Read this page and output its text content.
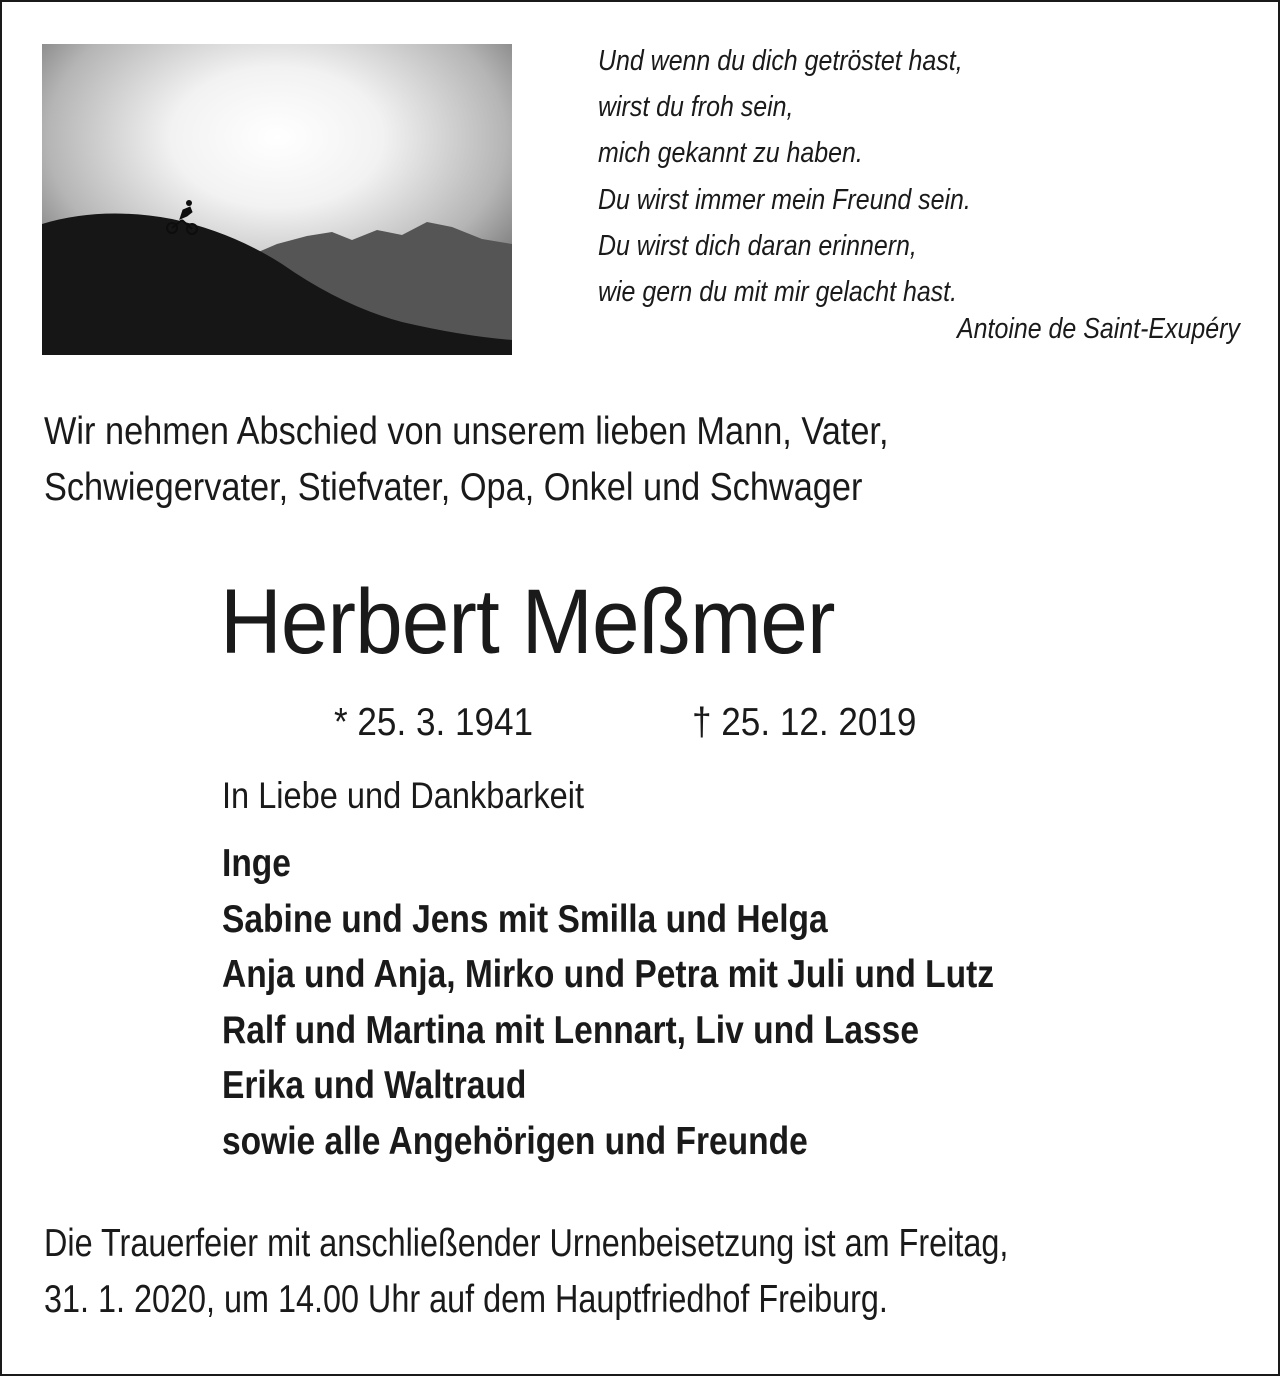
Und wenn du dich getröstet hast,
wirst du froh sein,
mich gekannt zu haben.
Du wirst immer mein Freund sein.
Du wirst dich daran erinnern,
wie gern du mit mir gelacht hast.
Antoine de Saint-Exupéry
Wir nehmen Abschied von unserem lieben Mann, Vater,
Schwiegervater, Stiefvater, Opa, Onkel und Schwager
Herbert Meßmer
* 25. 3. 1941	† 25. 12. 2019
In Liebe und Dankbarkeit
Inge
Sabine und Jens mit Smilla und Helga
Anja und Anja, Mirko und Petra mit Juli und Lutz
Ralf und Martina mit Lennart, Liv und Lasse
Erika und Waltraud
sowie alle Angehörigen und Freunde
Die Trauerfeier mit anschließender Urnenbeisetzung ist am Freitag,
31. 1. 2020, um 14.00 Uhr auf dem Hauptfriedhof Freiburg.
